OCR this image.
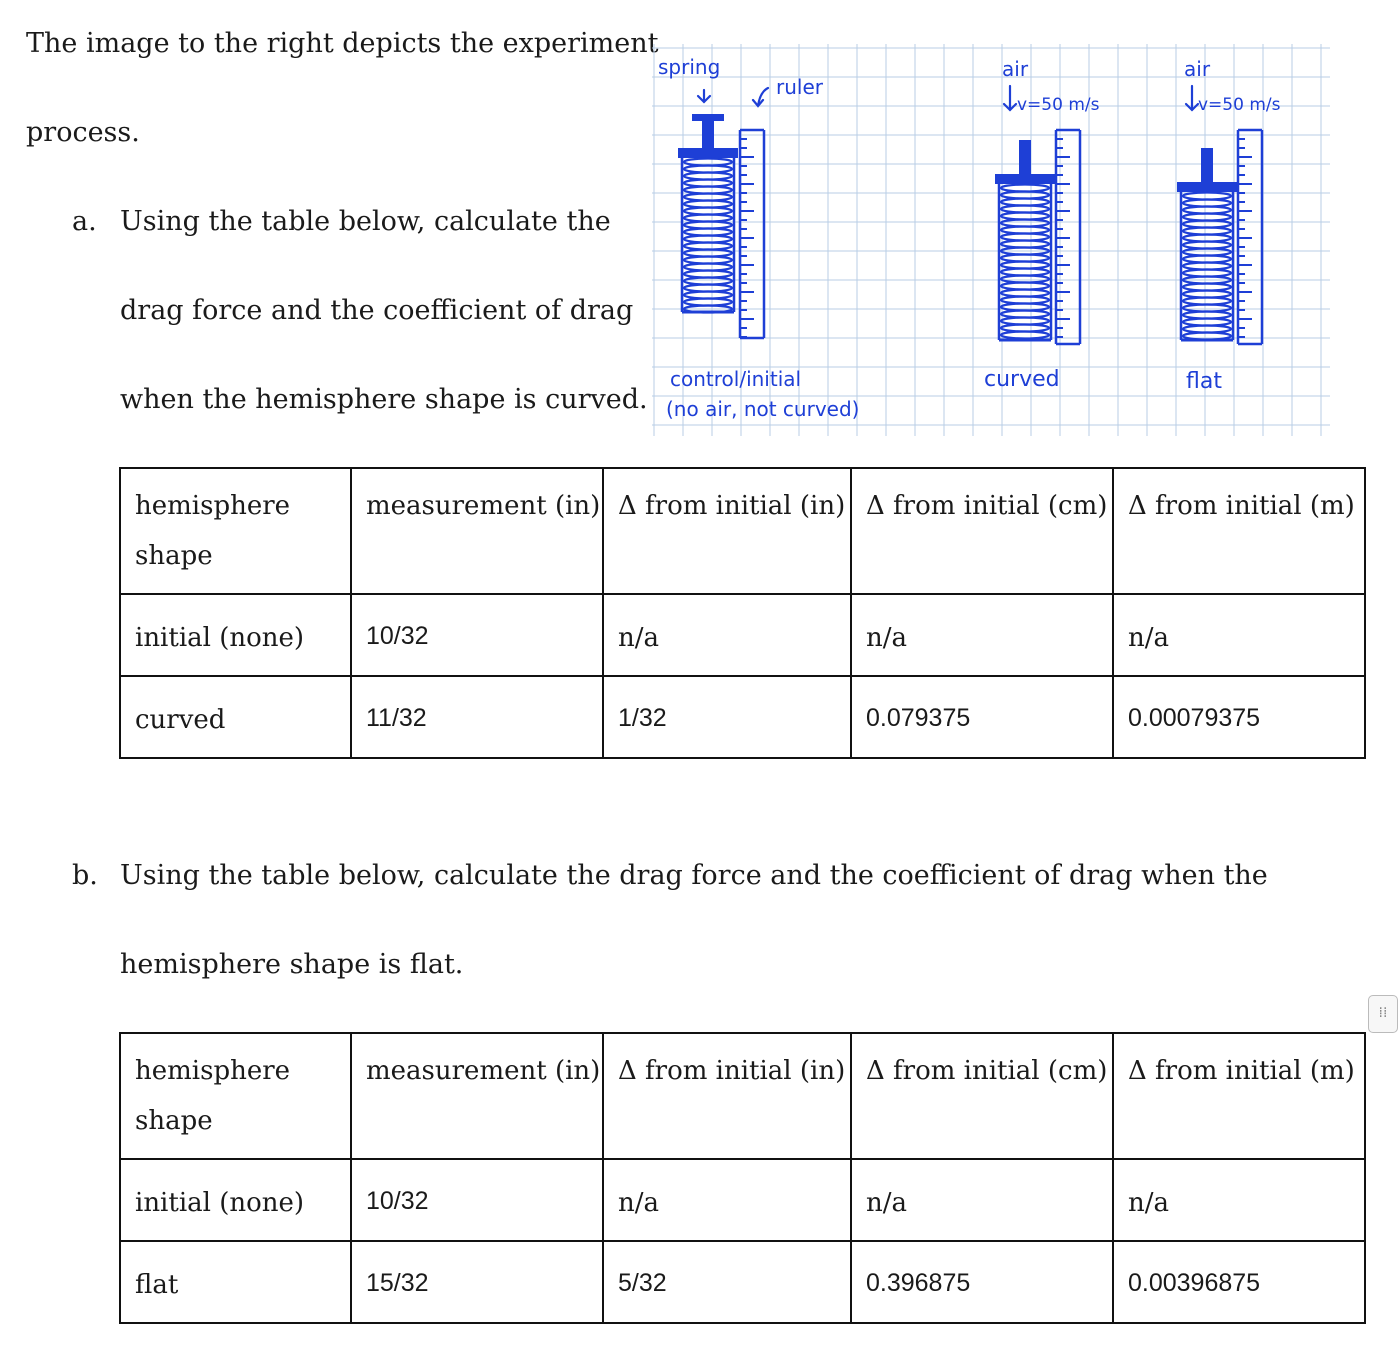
The image to the right depicts the experiment
process.
a. Using the table below, calculate the
drag force and the coefficient of drag
when the hemisphere shape is curved.
spring
ruler
air
v=50 m/s
air
v=50 m/s
control/initial
(no air, not curved)
curved	flat
hemisphere
shape	measurement (in)	Δ from initial (in)	Δ from initial (cm)	Δ from initial (m)
initial (none)	10/32	n/a	n/a	n/a
curved	11/32	1/32	0.079375	0.00079375
b. Using the table below, calculate the drag force and the coefficient of drag when the
hemisphere shape is flat.
hemisphere
shape	measurement (in)	Δ from initial (in)	Δ from initial (cm)	Δ from initial (m)
initial (none)	10/32	n/a	n/a	n/a
flat	15/32	5/32	0.396875	0.00396875
⁞⁞
